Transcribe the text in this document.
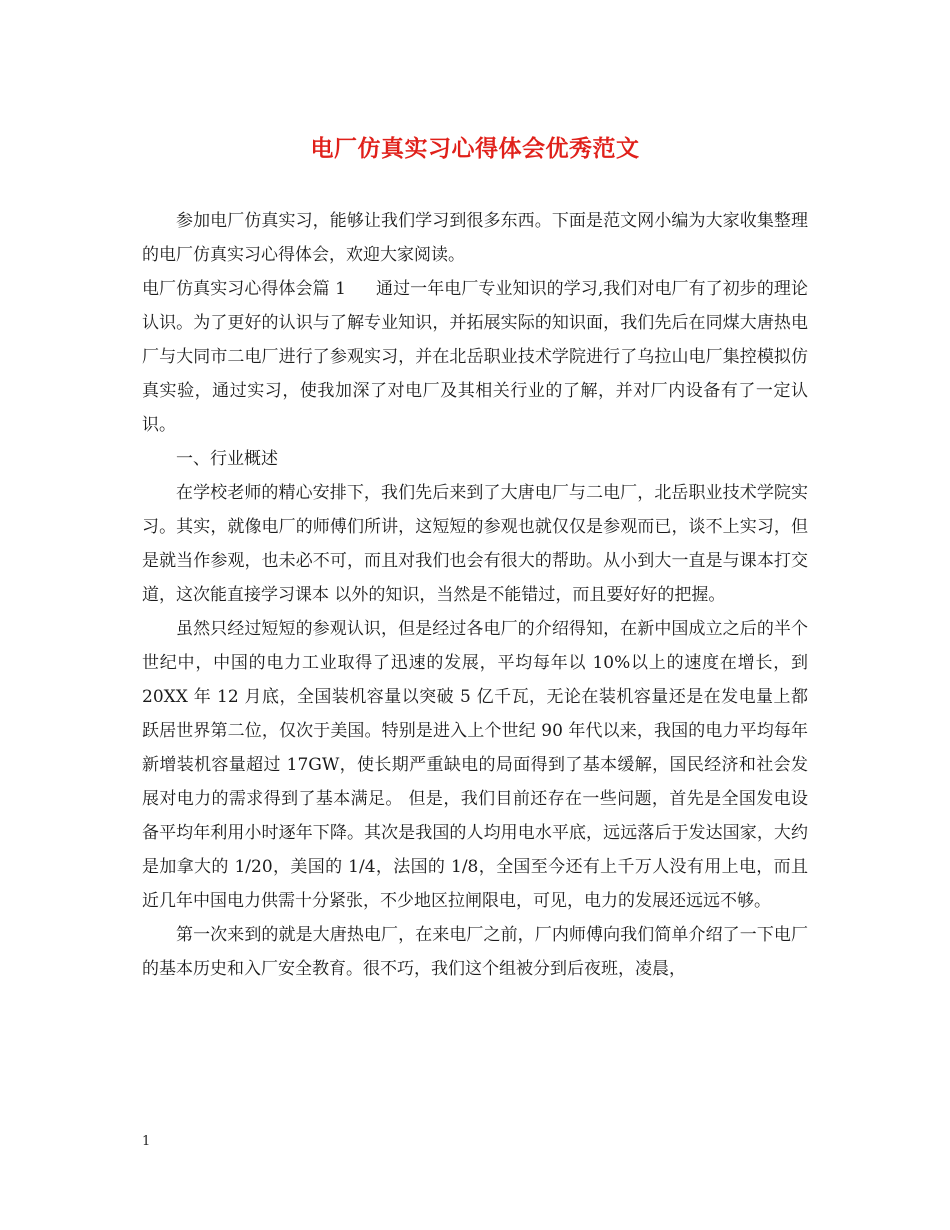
电厂仿真实习心得体会优秀范文

参加电厂仿真实习，能够让我们学习到很多东西。下面是范文网小编为大家收集整理的电厂仿真实习心得体会，欢迎大家阅读。

电厂仿真实习心得体会篇 1 通过一年电厂专业知识的学习,我们对电厂有了初步的理论认识。为了更好的认识与了解专业知识，并拓展实际的知识面，我们先后在同煤大唐热电厂与大同市二电厂进行了参观实习，并在北岳职业技术学院进行了乌拉山电厂集控模拟仿真实验，通过实习，使我加深了对电厂及其相关行业的了解，并对厂内设备有了一定认识。

一、行业概述

在学校老师的精心安排下，我们先后来到了大唐电厂与二电厂，北岳职业技术学院实习。其实，就像电厂的师傅们所讲，这短短的参观也就仅仅是参观而已，谈不上实习，但是就当作参观，也未必不可，而且对我们也会有很大的帮助。从小到大一直是与课本打交道，这次能直接学习课本 以外的知识，当然是不能错过，而且要好好的把握。

虽然只经过短短的参观认识，但是经过各电厂的介绍得知，在新中国成立之后的半个世纪中，中国的电力工业取得了迅速的发展，平均每年以 10%以上的速度在增长，到 20XX 年 12 月底，全国装机容量以突破 5 亿千瓦，无论在装机容量还是在发电量上都跃居世界第二位，仅次于美国。特别是进入上个世纪 90 年代以来，我国的电力平均每年新增装机容量超过 17GW，使长期严重缺电的局面得到了基本缓解，国民经济和社会发展对电力的需求得到了基本满足。 但是，我们目前还存在一些问题，首先是全国发电设备平均年利用小时逐年下降。其次是我国的人均用电水平底，远远落后于发达国家，大约是加拿大的 1/20，美国的 1/4，法国的 1/8，全国至今还有上千万人没有用上电，而且近几年中国电力供需十分紧张，不少地区拉闸限电，可见，电力的发展还远远不够。

第一次来到的就是大唐热电厂，在来电厂之前，厂内师傅向我们简单介绍了一下电厂的基本历史和入厂安全教育。很不巧，我们这个组被分到后夜班，凌晨，

1
